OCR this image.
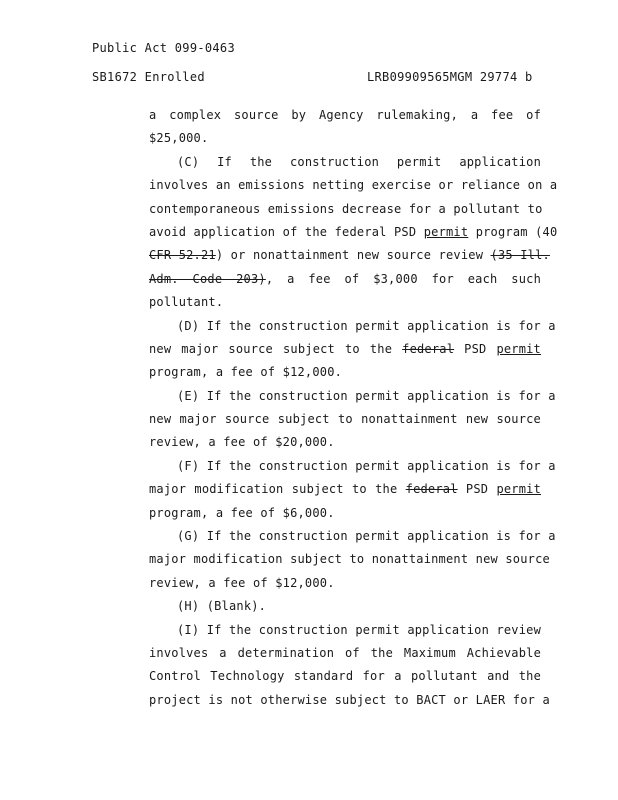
Public Act 099-0463
SB1672 Enrolled	LRB09909565MGM 29774 b
a complex source by Agency rulemaking, a fee of
$25,000.
(C) If the construction permit application
involves an emissions netting exercise or reliance on a
contemporaneous emissions decrease for a pollutant to
avoid application of the federal PSD permit program (40
CFR 52.21) or nonattainment new source review (35 Ill.
Adm. Code 203), a fee of $3,000 for each such
pollutant.
(D) If the construction permit application is for a
new major source subject to the federal PSD permit
program, a fee of $12,000.
(E) If the construction permit application is for a
new major source subject to nonattainment new source
review, a fee of $20,000.
(F) If the construction permit application is for a
major modification subject to the federal PSD permit
program, a fee of $6,000.
(G) If the construction permit application is for a
major modification subject to nonattainment new source
review, a fee of $12,000.
(H) (Blank).
(I) If the construction permit application review
involves a determination of the Maximum Achievable
Control Technology standard for a pollutant and the
project is not otherwise subject to BACT or LAER for a
